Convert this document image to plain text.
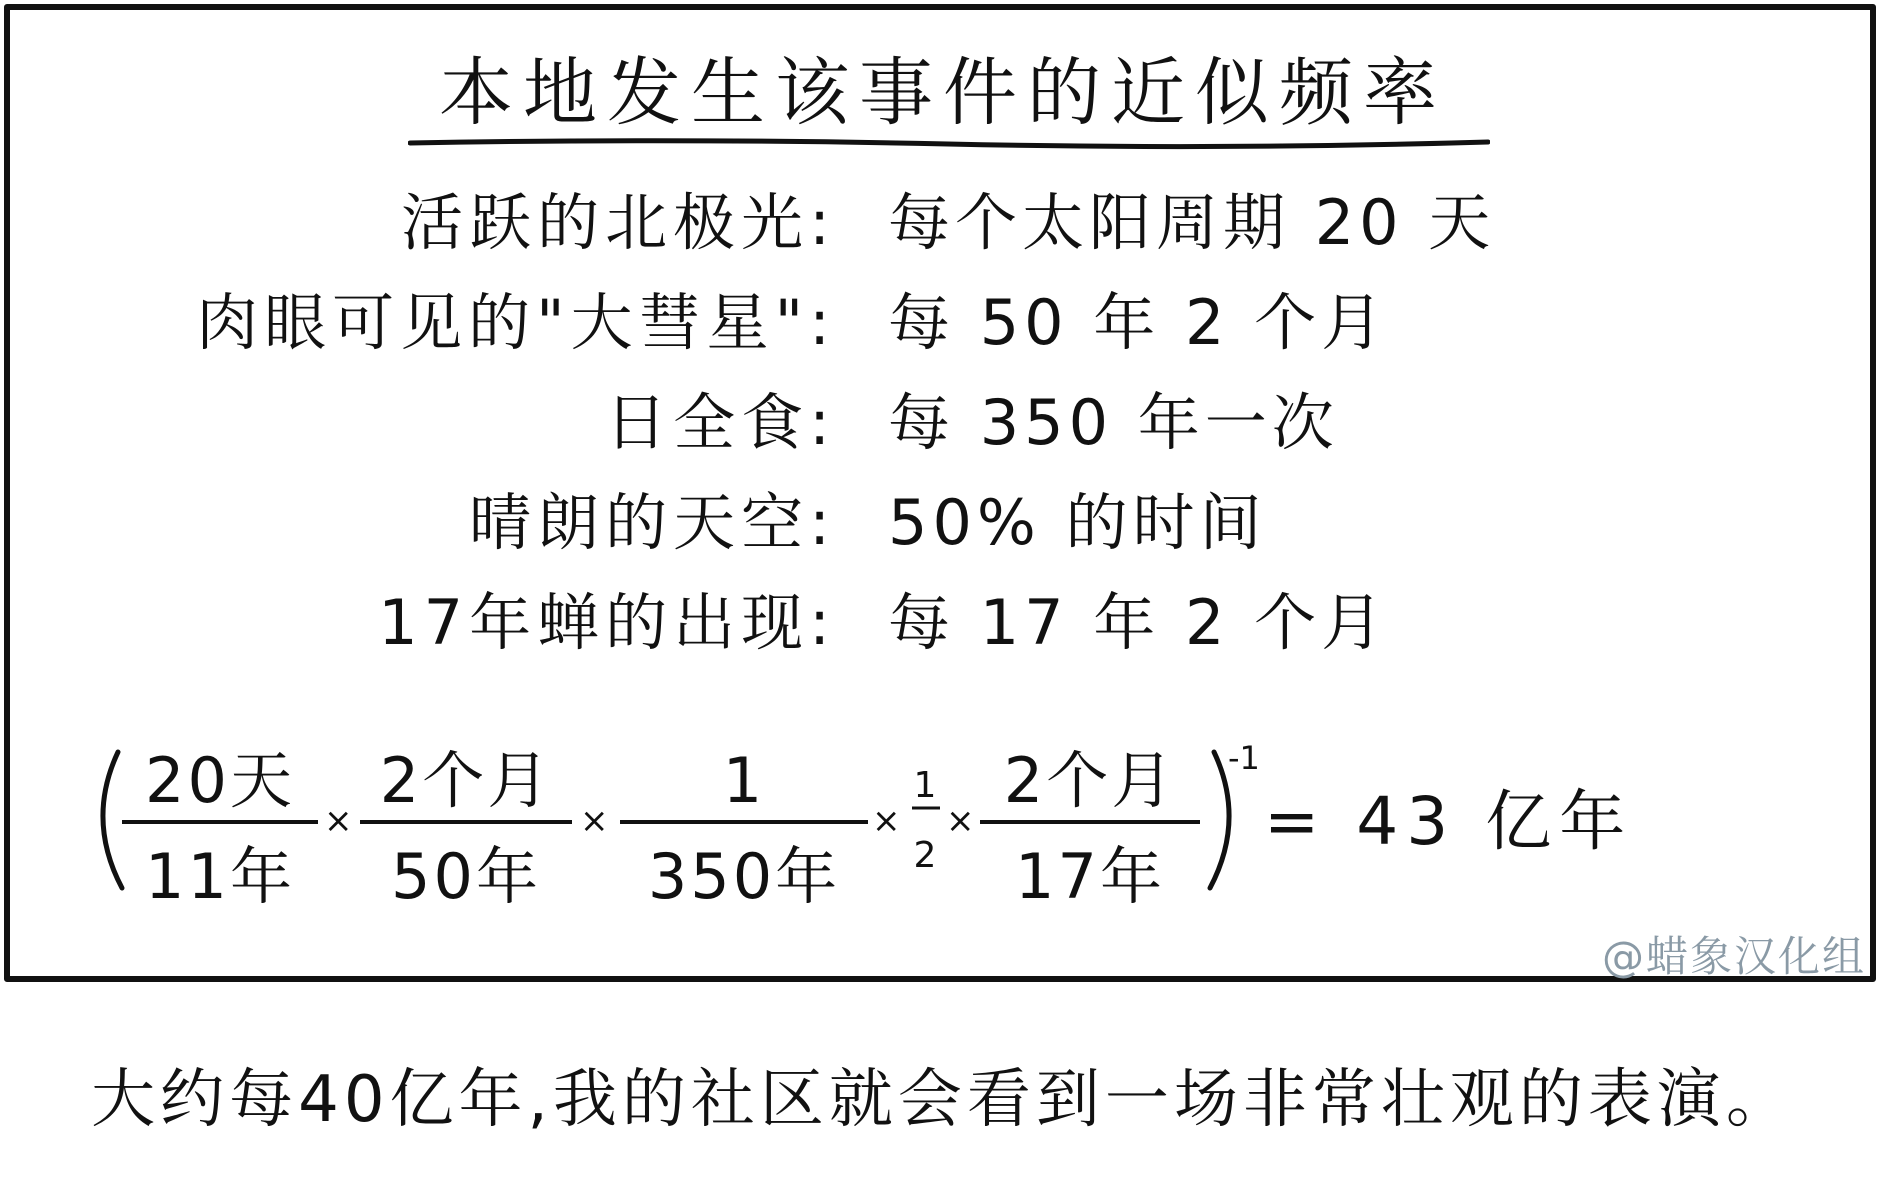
本地发生该事件的近似频率
活跃的北极光: 每个太阳周期 20 天
肉眼可见的"大彗星": 每 50 年 2 个月
日全食: 每 350 年一次
晴朗的天空: 50% 的时间
17年蝉的出现: 每 17 年 2 个月
20天
11年
×
2个月
50年
×
1
350年
×
1
2
×
2个月
17年
-1
= 43 亿年
@蜡象汉化组
大约每40亿年,我的社区就会看到一场非常壮观的表演。
